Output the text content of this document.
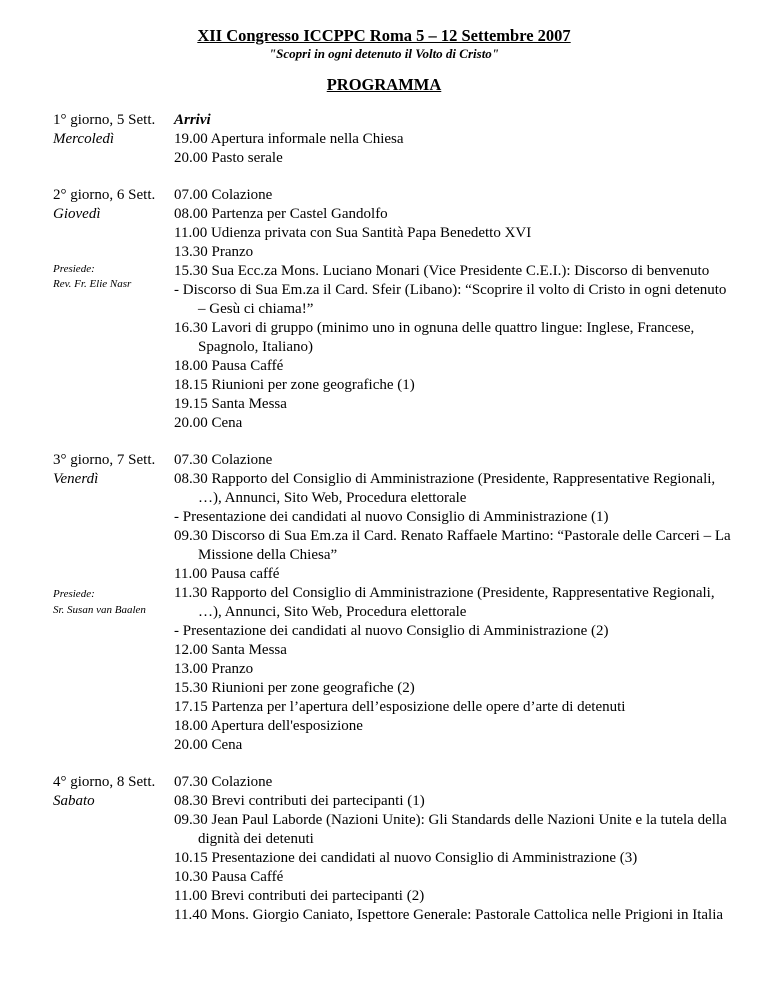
XII Congresso ICCPPC Roma 5 – 12 Settembre 2007
"Scopri in ogni detenuto il Volto di Cristo"
PROGRAMMA
1° giorno, 5 Sett.
Mercoledì
Arrivi
19.00 Apertura informale nella Chiesa
20.00 Pasto serale
2° giorno, 6 Sett.
Giovedì
Presiede:
Rev. Fr. Elie Nasr
07.00 Colazione
08.00 Partenza per Castel Gandolfo
11.00 Udienza privata con Sua Santità Papa Benedetto XVI
13.30 Pranzo
15.30 Sua Ecc.za Mons. Luciano Monari (Vice Presidente C.E.I.): Discorso di benvenuto
- Discorso di Sua Em.za il Card. Sfeir (Libano): “Scoprire il volto di Cristo in ogni detenuto – Gesù ci chiama!”
16.30 Lavori di gruppo (minimo uno in ognuna delle quattro lingue: Inglese, Francese, Spagnolo, Italiano)
18.00 Pausa Caffé
18.15 Riunioni per zone geografiche (1)
19.15 Santa Messa
20.00 Cena
3° giorno, 7 Sett.
Venerdì
Presiede:
Sr. Susan van Baalen
07.30 Colazione
08.30 Rapporto del Consiglio di Amministrazione (Presidente, Rappresentative Regionali, …), Annunci, Sito Web, Procedura elettorale
- Presentazione dei candidati al nuovo Consiglio di Amministrazione (1)
09.30 Discorso di Sua Em.za il Card. Renato Raffaele Martino: “Pastorale delle Carceri – La Missione della Chiesa”
11.00 Pausa caffé
11.30 Rapporto del Consiglio di Amministrazione (Presidente, Rappresentative Regionali, …), Annunci, Sito Web, Procedura elettorale
- Presentazione dei candidati al nuovo Consiglio di Amministrazione (2)
12.00 Santa Messa
13.00 Pranzo
15.30 Riunioni per zone geografiche (2)
17.15 Partenza per l’apertura dell’esposizione delle opere d’arte di detenuti
18.00 Apertura dell'esposizione
20.00 Cena
4° giorno, 8 Sett.
Sabato
07.30 Colazione
08.30 Brevi contributi dei partecipanti (1)
09.30 Jean Paul Laborde (Nazioni Unite): Gli Standards delle Nazioni Unite e la tutela della dignità dei detenuti
10.15 Presentazione dei candidati al nuovo Consiglio di Amministrazione (3)
10.30 Pausa Caffé
11.00 Brevi contributi dei partecipanti (2)
11.40 Mons. Giorgio Caniato, Ispettore Generale: Pastorale Cattolica nelle Prigioni in Italia
